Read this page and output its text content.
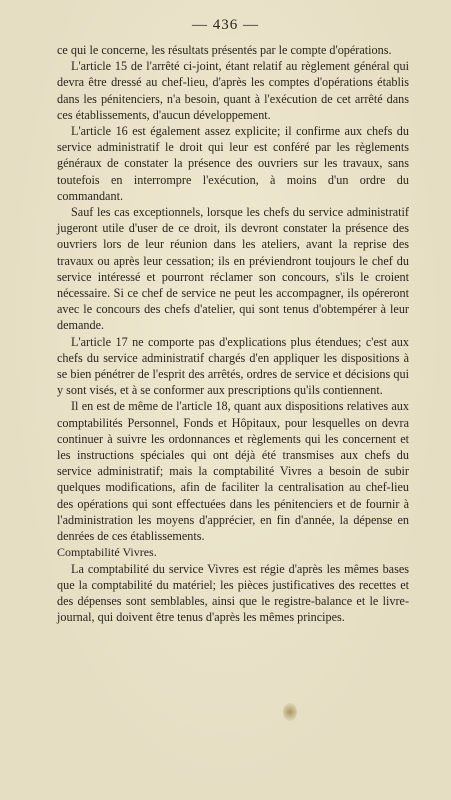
— 436 —

ce qui le concerne, les résultats présentés par le compte d'opérations.

L'article 15 de l'arrêté ci-joint, étant relatif au règlement général qui devra être dressé au chef-lieu, d'après les comptes d'opérations établis dans les pénitenciers, n'a besoin, quant à l'exécution de cet arrêté dans ces établissements, d'aucun développement.

L'article 16 est également assez explicite; il confirme aux chefs du service administratif le droit qui leur est conféré par les règlements généraux de constater la présence des ouvriers sur les travaux, sans toutefois en interrompre l'exécution, à moins d'un ordre du commandant.

Sauf les cas exceptionnels, lorsque les chefs du service administratif jugeront utile d'user de ce droit, ils devront constater la présence des ouvriers lors de leur réunion dans les ateliers, avant la reprise des travaux ou après leur cessation; ils en préviendront toujours le chef du service intéressé et pourront réclamer son concours, s'ils le croient nécessaire. Si ce chef de service ne peut les accompagner, ils opéreront avec le concours des chefs d'atelier, qui sont tenus d'obtempérer à leur demande.

L'article 17 ne comporte pas d'explications plus étendues; c'est aux chefs du service administratif chargés d'en appliquer les dispositions à se bien pénétrer de l'esprit des arrêtés, ordres de service et décisions qui y sont visés, et à se conformer aux prescriptions qu'ils contiennent.

Il en est de même de l'article 18, quant aux dispositions relatives aux comptabilités Personnel, Fonds et Hôpitaux, pour lesquelles on devra continuer à suivre les ordonnances et règlements qui les concernent et les instructions spéciales qui ont déjà été transmises aux chefs du service administratif; mais la comptabilité Vivres a besoin de subir quelques modifications, afin de faciliter la centralisation au chef-lieu des opérations qui sont effectuées dans les pénitenciers et de fournir à l'administration les moyens d'apprécier, en fin d'année, la dépense en denrées de ces établissements.

Comptabilité Vivres.

La comptabilité du service Vivres est régie d'après les mêmes bases que la comptabilité du matériel; les pièces justificatives des recettes et des dépenses sont semblables, ainsi que le registre-balance et le livre-journal, qui doivent être tenus d'après les mêmes principes.
